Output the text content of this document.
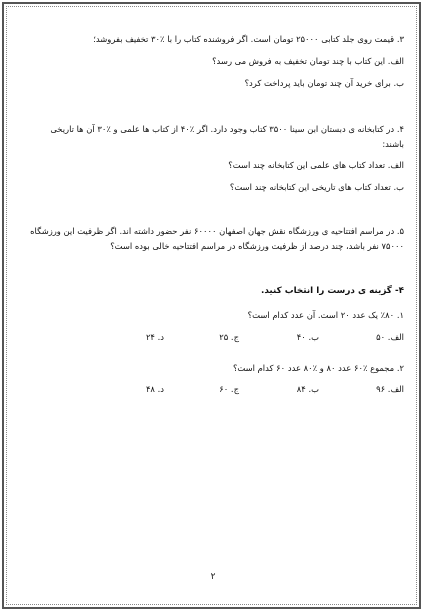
۳. قیمت روی جلد کتابی ۲۵۰۰۰ تومان است. اگر فروشنده کتاب را با ٪۳۰ تخفیف بفروشد؛
الف. این کتاب با چند تومان تخفیف به فروش می رسد؟
ب. برای خرید آن چند تومان باید پرداخت کرد؟
۴. در کتابخانه ی دبستان ابن سینا ۳۵۰۰ کتاب وجود دارد. اگر ٪۴۰ از کتاب ها علمی و ٪۳۰ آن ها تاریخی
باشند:
الف. تعداد کتاب های علمی این کتابخانه چند است؟
ب. تعداد کتاب های تاریخی این کتابخانه چند است؟
۵. در مراسم افتتاحیه ی ورزشگاه نقش جهان اصفهان ۶۰۰۰۰ نفر حضور داشته اند. اگر ظرفیت این ورزشگاه
۷۵۰۰۰ نفر باشد، چند درصد از ظرفیت ورزشگاه در مراسم افتتاحیه خالی بوده است؟
۴- گزینه ی درست را انتخاب کنید.
۱. ٪۸۰ یک عدد ۲۰ است. آن عدد کدام است؟
الف. ۵۰
ب. ۴۰
ج. ۲۵
د. ۲۴
۲. مجموع ٪۶۰ عدد ۸۰ و ٪۸۰ عدد ۶۰ کدام است؟
الف. ۹۶
ب. ۸۴
ج. ۶۰
د. ۴۸
۲
